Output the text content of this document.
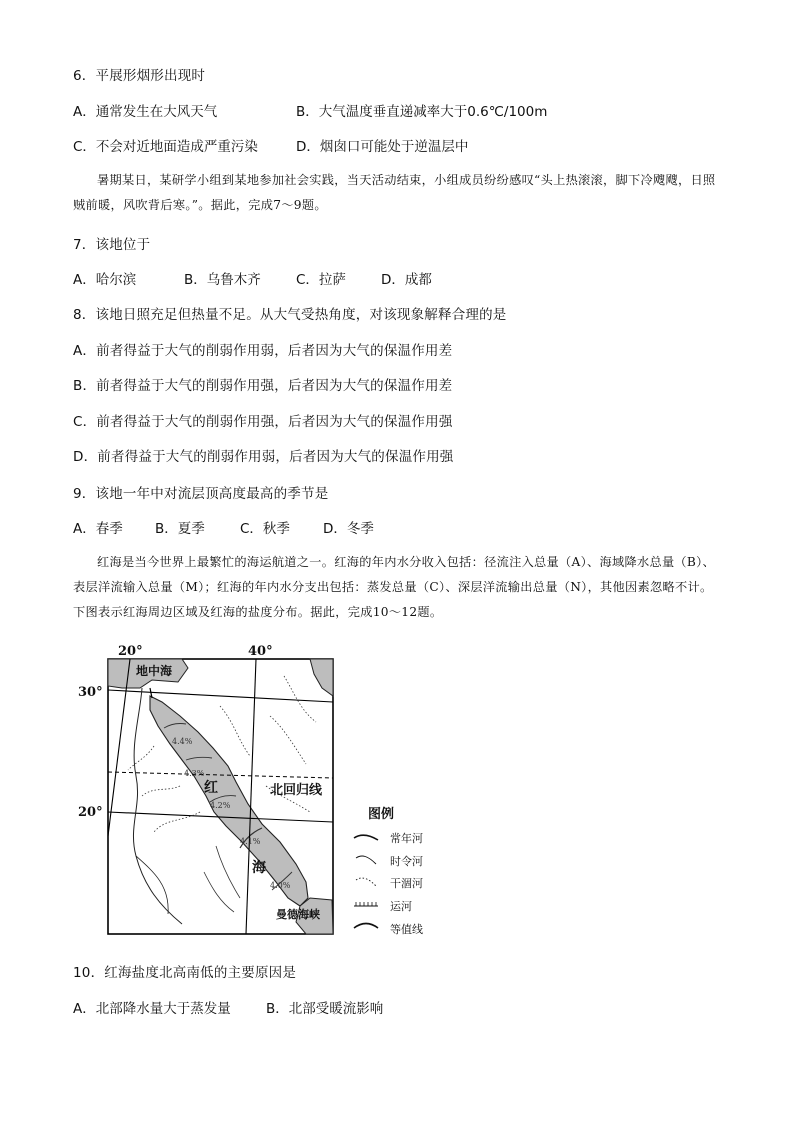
6．平展形烟形出现时
A．通常发生在大风天气	B．大气温度垂直递减率大于0.6℃/100m
C．不会对近地面造成严重污染	D．烟囱口可能处于逆温层中
暑期某日，某研学小组到某地参加社会实践，当天活动结束，小组成员纷纷感叹“头上热滚滚，脚下冷飕飕，日照贼前暖，风吹背后寒。”。据此，完成7～9题。
7．该地位于
A．哈尔滨	B．乌鲁木齐	C．拉萨	D．成都
8．该地日照充足但热量不足。从大气受热角度，对该现象解释合理的是
A．前者得益于大气的削弱作用弱，后者因为大气的保温作用差
B．前者得益于大气的削弱作用强，后者因为大气的保温作用差
C．前者得益于大气的削弱作用强，后者因为大气的保温作用强
D．前者得益于大气的削弱作用弱，后者因为大气的保温作用强
9．该地一年中对流层顶高度最高的季节是
A．春季 B．夏季	C．秋季 D．冬季
红海是当今世界上最繁忙的海运航道之一。红海的年内水分收入包括：径流注入总量（A）、海域降水总量（B）、表层洋流输入总量（M）；红海的年内水分支出包括：蒸发总量（C）、深层洋流输出总量（N），其他因素忽略不计。下图表示红海周边区域及红海的盐度分布。据此，完成10～12题。
20°	40°
30°
20°
地中海
红
海
北回归线
曼德海峡
4.4%
4.3%
4.2%
4.1%
4.0%
图例
常年河
时令河
干涸河
运河
等值线
10．红海盐度北高南低的主要原因是
A．北部降水量大于蒸发量	B．北部受暖流影响
